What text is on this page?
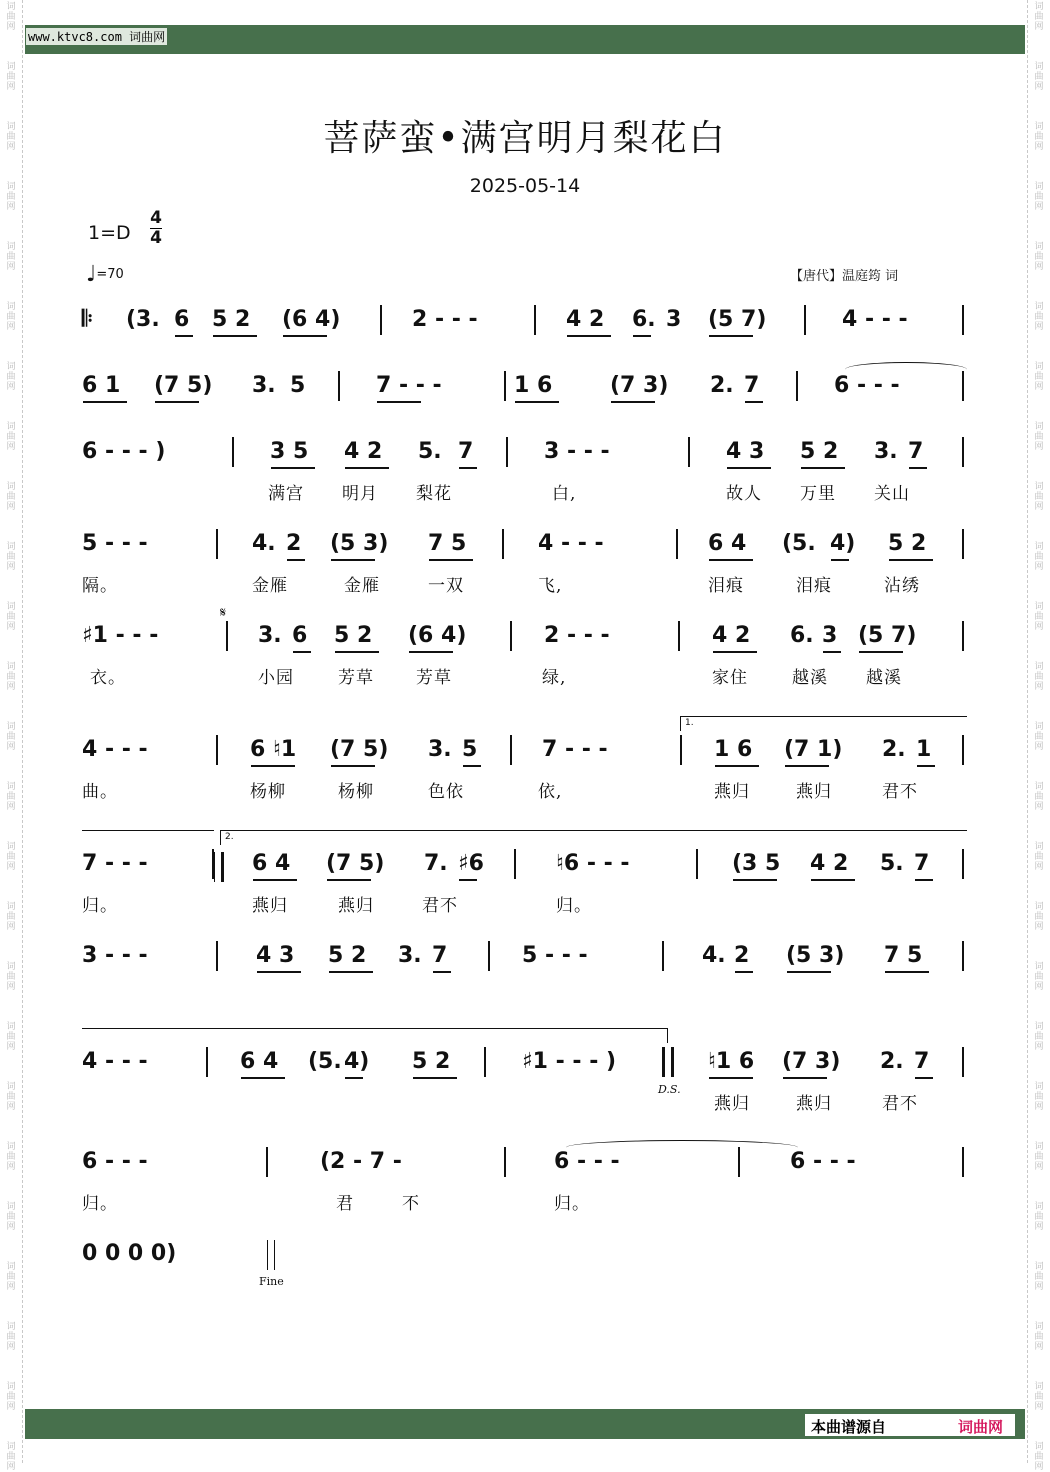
词
曲
网
词
曲
网
词
曲
网
词
曲
网
词
曲
网
词
曲
网
词
曲
网
词
曲
网
词
曲
网
词
曲
网
词
曲
网
词
曲
网
词
曲
网
词
曲
网
词
曲
网
词
曲
网
词
曲
网
词
曲
网
词
曲
网
词
曲
网
词
曲
网
词
曲
网
词
曲
网
词
曲
网
词
曲
网
词
曲
网
词
曲
网
词
曲
网
词
曲
网
词
曲
网
词
曲
网
词
曲
网
词
曲
网
词
曲
网
词
曲
网
词
曲
网
词
曲
网
词
曲
网
词
曲
网
词
曲
网
词
曲
网
词
曲
网
词
曲
网
词
曲
网
词
曲
网
词
曲
网
词
曲
网
词
曲
网
词
曲
网
词
曲
网
www.ktvc8.com 词曲网
菩萨蛮•满宫明月梨花白
2025-05-14
1=D
4
4
♩=70	【唐代】温庭筠 词
𝄆 (3. 6 5 2 (6 4)	2 - - -	4 2 6. 3 (5 7)	4 - - -
6 1 (7 5) 3. 5	7 - - -	1 6	(7 3) 2. 7	6 - - -
6 - - - )	3 5 4 2 5. 7	3 - - -	4 3 5 2 3. 7
满宫 明月 梨花	白,	故人 万里 关山
5 - - -	4. 2 (5 3) 7 5	4 - - -	6 4 (5. 4) 5 2
隔。	金雁	金雁	一双	飞,	泪痕	泪痕	沾绣
♯1 - - -	3. 6 5 2 (6 4)	2 - - -	4 2 6. 3 (5 7)
衣。	小园	芳草 芳草	绿,	家住	越溪 越溪
4 - - -	6 ♮1 (7 5) 3. 5	7 - - -	1 6 (7 1) 2. 1
曲。	杨柳	杨柳	色依	依,	燕归	燕归	君不
7 - - -	6 4 (7 5) 7. ♯6	♮6 - - -	(3 5 4 2 5. 7
归。	燕归	燕归	君不	归。
3 - - -	4 3 5 2 3. 7	5 - - -	4. 2 (5 3) 7 5
4 - - -	6 4 (5. 4) 5 2	♯1 - - - )	♮1 6 (7 3) 2. 7
燕归	燕归	君不
6 - - -	(2 - 7 -	6 - - -	6 - - -
归。	君	不	归。
0 0 0 0)
1.
2.
𝄋
D.S.
Fine
本曲谱源自	词曲网
